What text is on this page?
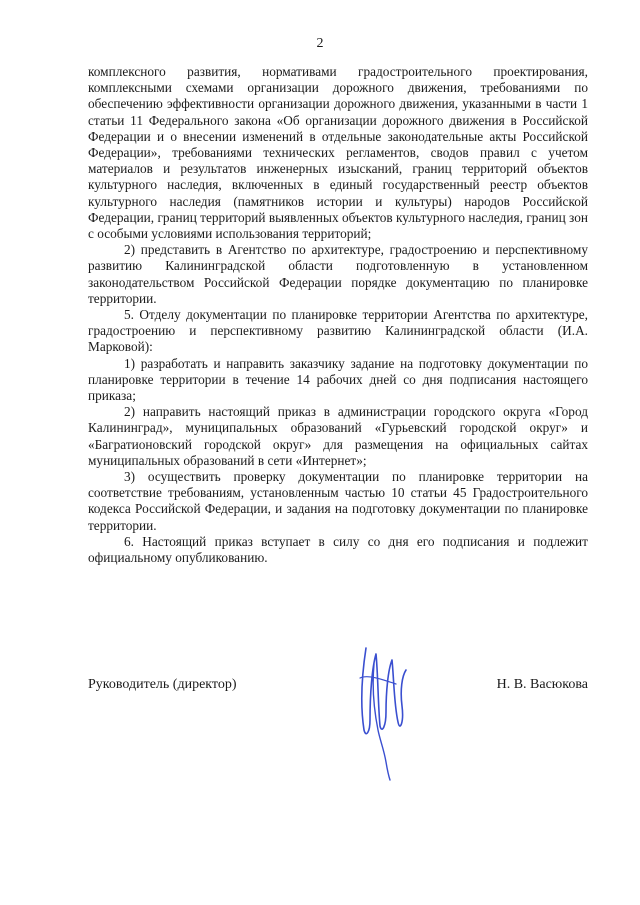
2

комплексного развития, нормативами градостроительного проектирования, комплексными схемами организации дорожного движения, требованиями по обеспечению эффективности организации дорожного движения, указанными в части 1 статьи 11 Федерального закона «Об организации дорожного движения в Российской Федерации и о внесении изменений в отдельные законодательные акты Российской Федерации», требованиями технических регламентов, сводов правил с учетом материалов и результатов инженерных изысканий, границ территорий объектов культурного наследия, включенных в единый государственный реестр объектов культурного наследия (памятников истории и культуры) народов Российской Федерации, границ территорий выявленных объектов культурного наследия, границ зон с особыми условиями использования территорий;

2) представить в Агентство по архитектуре, градостроению и перспективному развитию Калининградской области подготовленную в установленном законодательством Российской Федерации порядке документацию по планировке территории.

5. Отделу документации по планировке территории Агентства по архитектуре, градостроению и перспективному развитию Калининградской области (И.А. Марковой):

1) разработать и направить заказчику задание на подготовку документации по планировке территории в течение 14 рабочих дней со дня подписания настоящего приказа;

2) направить настоящий приказ в администрации городского округа «Город Калининград», муниципальных образований «Гурьевский городской округ» и «Багратионовский городской округ» для размещения на официальных сайтах муниципальных образований в сети «Интернет»;

3) осуществить проверку документации по планировке территории на соответствие требованиям, установленным частью 10 статьи 45 Градостроительного кодекса Российской Федерации, и задания на подготовку документации по планировке территории.

6. Настоящий приказ вступает в силу со дня его подписания и подлежит официальному опубликованию.

Руководитель (директор)	Н. В. Васюкова
